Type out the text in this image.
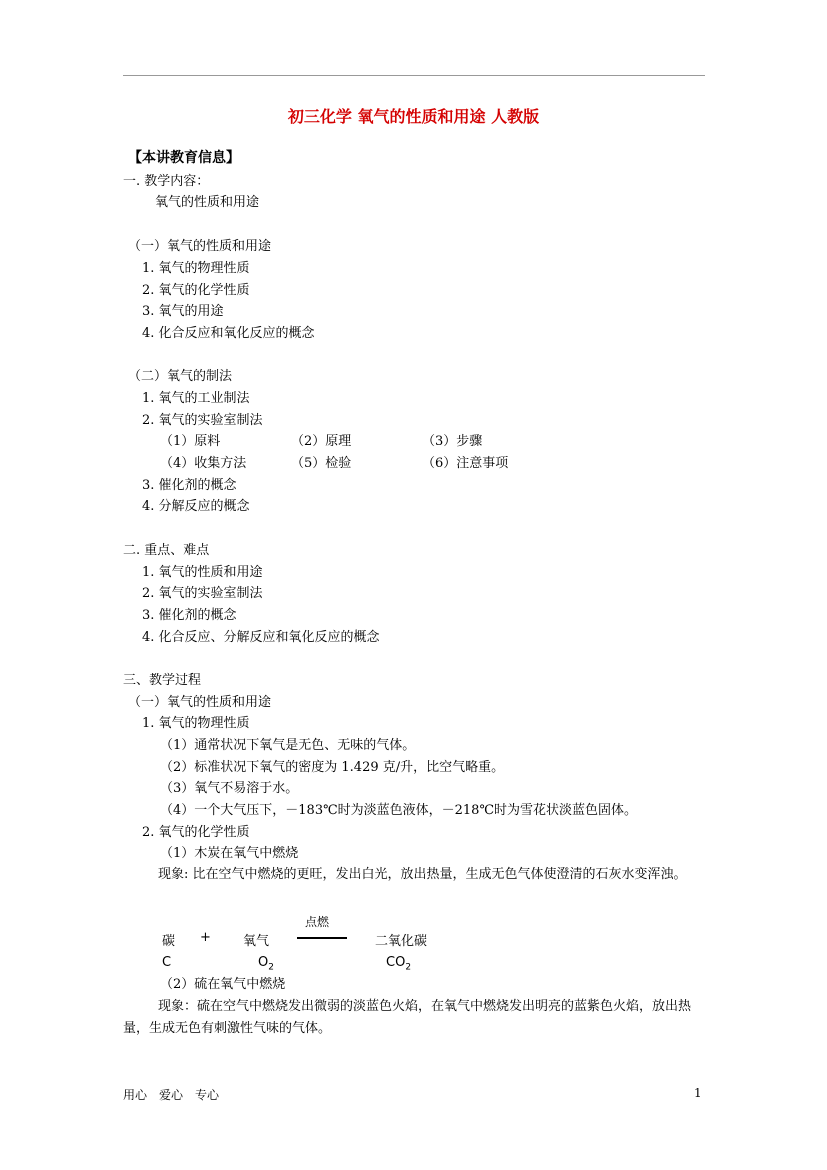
初三化学 氧气的性质和用途 人教版
【本讲教育信息】
一. 教学内容：
氧气的性质和用途
（一）氧气的性质和用途
1. 氧气的物理性质
2. 氧气的化学性质
3. 氧气的用途
4. 化合反应和氧化反应的概念
（二）氧气的制法
1. 氧气的工业制法
2. 氧气的实验室制法
（1）原料	（2）原理	（3）步骤
（4）收集方法	（5）检验	（6）注意事项
3. 催化剂的概念
4. 分解反应的概念
二. 重点、难点
1. 氧气的性质和用途
2. 氧气的实验室制法
3. 催化剂的概念
4. 化合反应、分解反应和氧化反应的概念
三、教学过程
（一）氧气的性质和用途
1. 氧气的物理性质
（1）通常状况下氧气是无色、无味的气体。
（2）标准状况下氧气的密度为 1.429 克/升，比空气略重。
（3）氧气不易溶于水。
（4）一个大气压下，－183℃时为淡蓝色液体，－218℃时为雪花状淡蓝色固体。
2. 氧气的化学性质
（1）木炭在氧气中燃烧
现象: 比在空气中燃烧的更旺，发出白光，放出热量，生成无色气体使澄清的石灰水变浑浊。
点燃
碳 + 氧气	二氧化碳
C	$O_2$	$CO_2$
（2）硫在氧气中燃烧
现象：硫在空气中燃烧发出微弱的淡蓝色火焰，在氧气中燃烧发出明亮的蓝紫色火焰，放出热量，生成无色有刺激性气味的气体。
用心　爱心　专心	1
